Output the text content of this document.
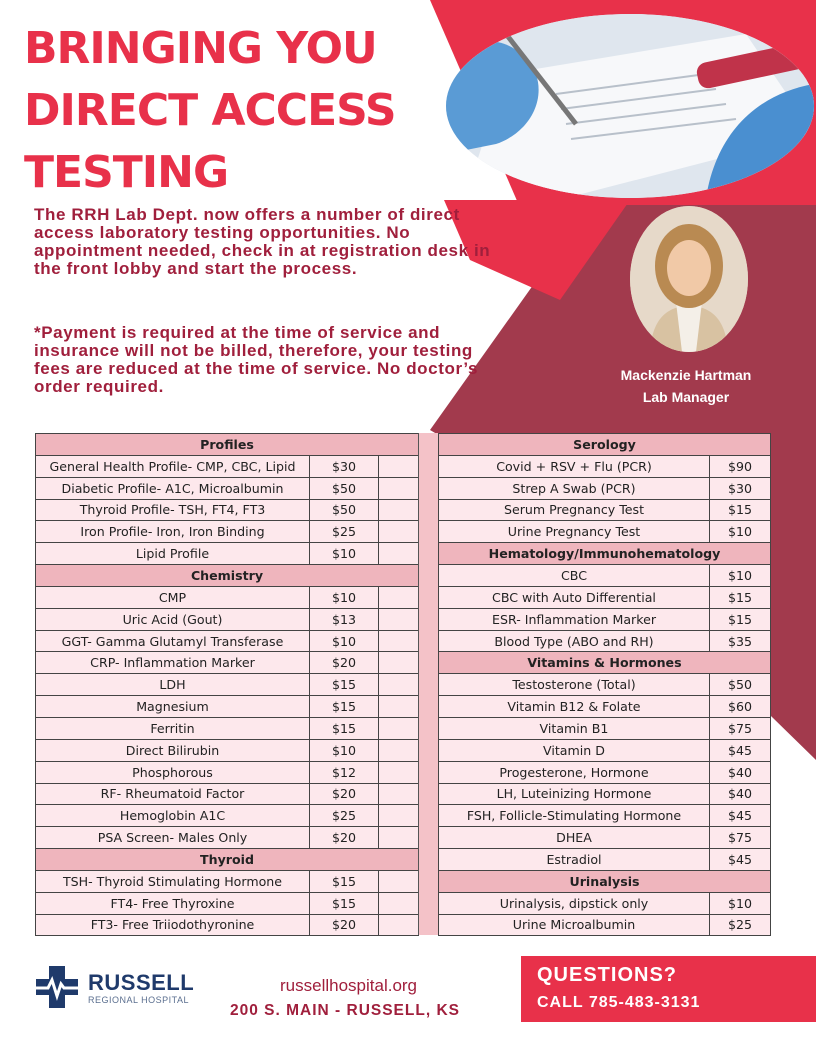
BRINGING YOU
DIRECT ACCESS
TESTING
The RRH Lab Dept. now offers a number of direct access laboratory testing opportunities. No appointment needed, check in at registration desk in the front lobby and start the process.
*Payment is required at the time of service and insurance will not be billed, therefore, your testing fees are reduced at the time of service. No doctor’s order required.
Mackenzie Hartman
Lab Manager
Profiles		
General Health Profile- CMP, CBC, Lipid	$30	
Diabetic Profile- A1C, Microalbumin	$50	
Thyroid Profile- TSH, FT4, FT3	$50	
Iron Profile- Iron, Iron Binding	$25	
Lipid Profile	$10	
Chemistry		
CMP	$10	
Uric Acid (Gout)	$13	
GGT- Gamma Glutamyl Transferase	$10	
CRP- Inflammation Marker	$20	
LDH	$15	
Magnesium	$15	
Ferritin	$15	
Direct Bilirubin	$10	
Phosphorous	$12	
RF- Rheumatoid Factor	$20	
Hemoglobin A1C	$25	
PSA Screen- Males Only	$20	
Thyroid		
TSH- Thyroid Stimulating Hormone	$15	
FT4- Free Thyroxine	$15	
FT3- Free Triiodothyronine	$20	
Serology	
Covid + RSV + Flu (PCR)	$90
Strep A Swab (PCR)	$30
Serum Pregnancy Test	$15
Urine Pregnancy Test	$10
Hematology/Immunohematology	
CBC	$10
CBC with Auto Differential	$15
ESR- Inflammation Marker	$15
Blood Type (ABO and RH)	$35
Vitamins & Hormones	
Testosterone (Total)	$50
Vitamin B12 & Folate	$60
Vitamin B1	$75
Vitamin D	$45
Progesterone, Hormone	$40
LH, Luteinizing Hormone	$40
FSH, Follicle-Stimulating Hormone	$45
DHEA	$75
Estradiol	$45
Urinalysis	
Urinalysis, dipstick only	$10
Urine Microalbumin	$25
RUSSELL
REGIONAL HOSPITAL
russellhospital.org
200 S. MAIN - RUSSELL, KS
QUESTIONS?
CALL 785-483-3131
